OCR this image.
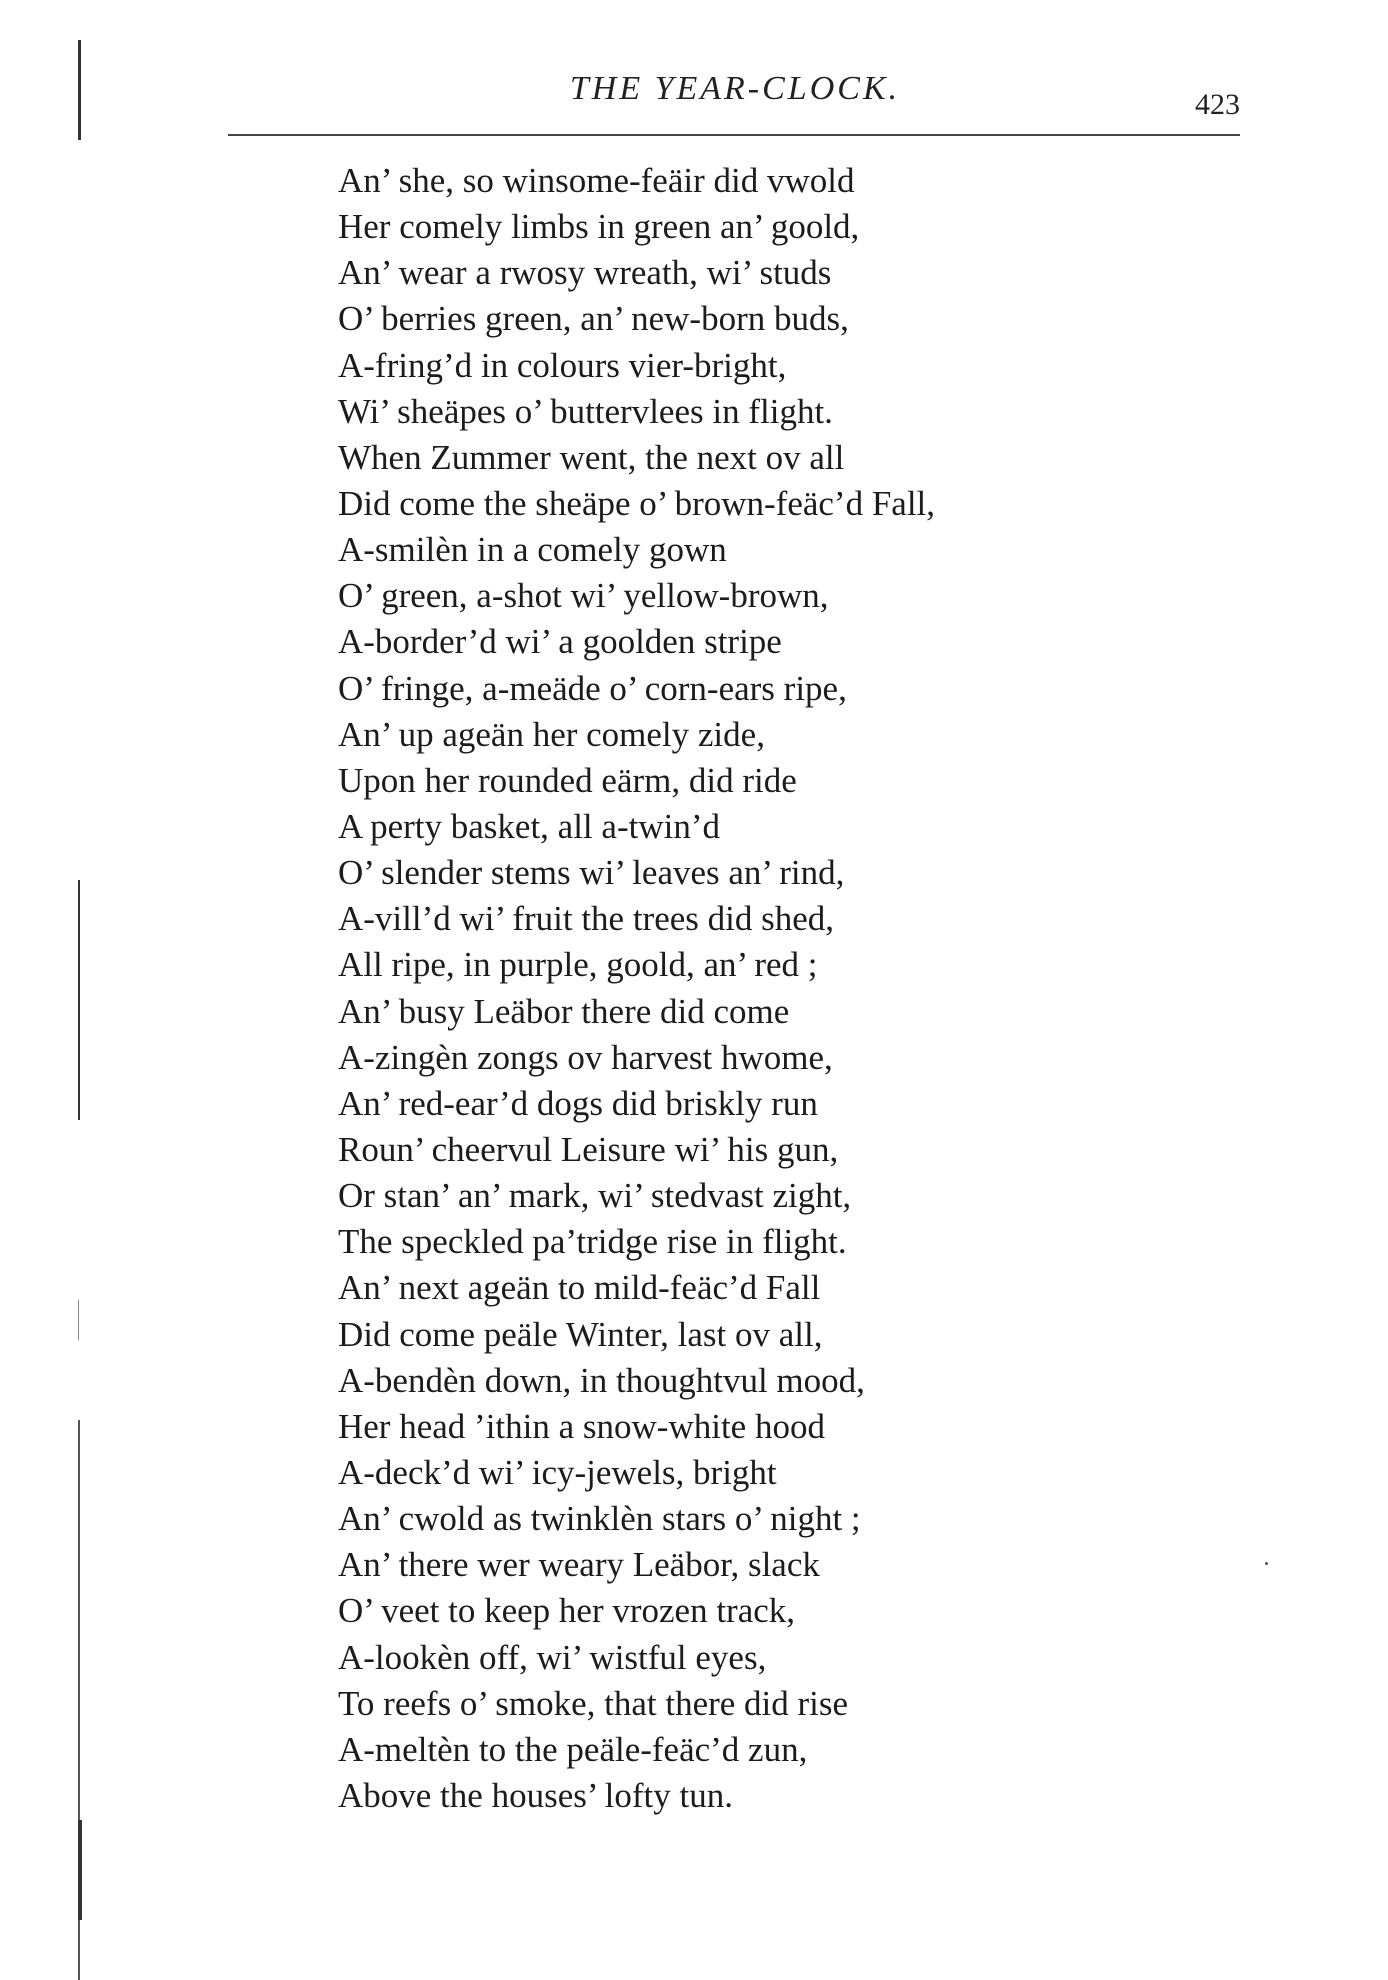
THE YEAR-CLOCK.	423
An’ she, so winsome-feäir did vwold
Her comely limbs in green an’ goold,
An’ wear a rwosy wreath, wi’ studs
O’ berries green, an’ new-born buds,
A-fring’d in colours vier-bright,
Wi’ sheäpes o’ buttervlees in flight.
When Zummer went, the next ov all
Did come the sheäpe o’ brown-feäc’d Fall,
A-smilèn in a comely gown
O’ green, a-shot wi’ yellow-brown,
A-border’d wi’ a goolden stripe
O’ fringe, a-meäde o’ corn-ears ripe,
An’ up ageän her comely zide,
Upon her rounded eärm, did ride
A perty basket, all a-twin’d
O’ slender stems wi’ leaves an’ rind,
A-vill’d wi’ fruit the trees did shed,
All ripe, in purple, goold, an’ red ;
An’ busy Leäbor there did come
A-zingèn zongs ov harvest hwome,
An’ red-ear’d dogs did briskly run
Roun’ cheervul Leisure wi’ his gun,
Or stan’ an’ mark, wi’ stedvast zight,
The speckled pa’tridge rise in flight.
An’ next ageän to mild-feäc’d Fall
Did come peäle Winter, last ov all,
A-bendèn down, in thoughtvul mood,
Her head ’ithin a snow-white hood
A-deck’d wi’ icy-jewels, bright
An’ cwold as twinklèn stars o’ night ;
An’ there wer weary Leäbor, slack
O’ veet to keep her vrozen track,
A-lookèn off, wi’ wistful eyes,
To reefs o’ smoke, that there did rise
A-meltèn to the peäle-feäc’d zun,
Above the houses’ lofty tun.
